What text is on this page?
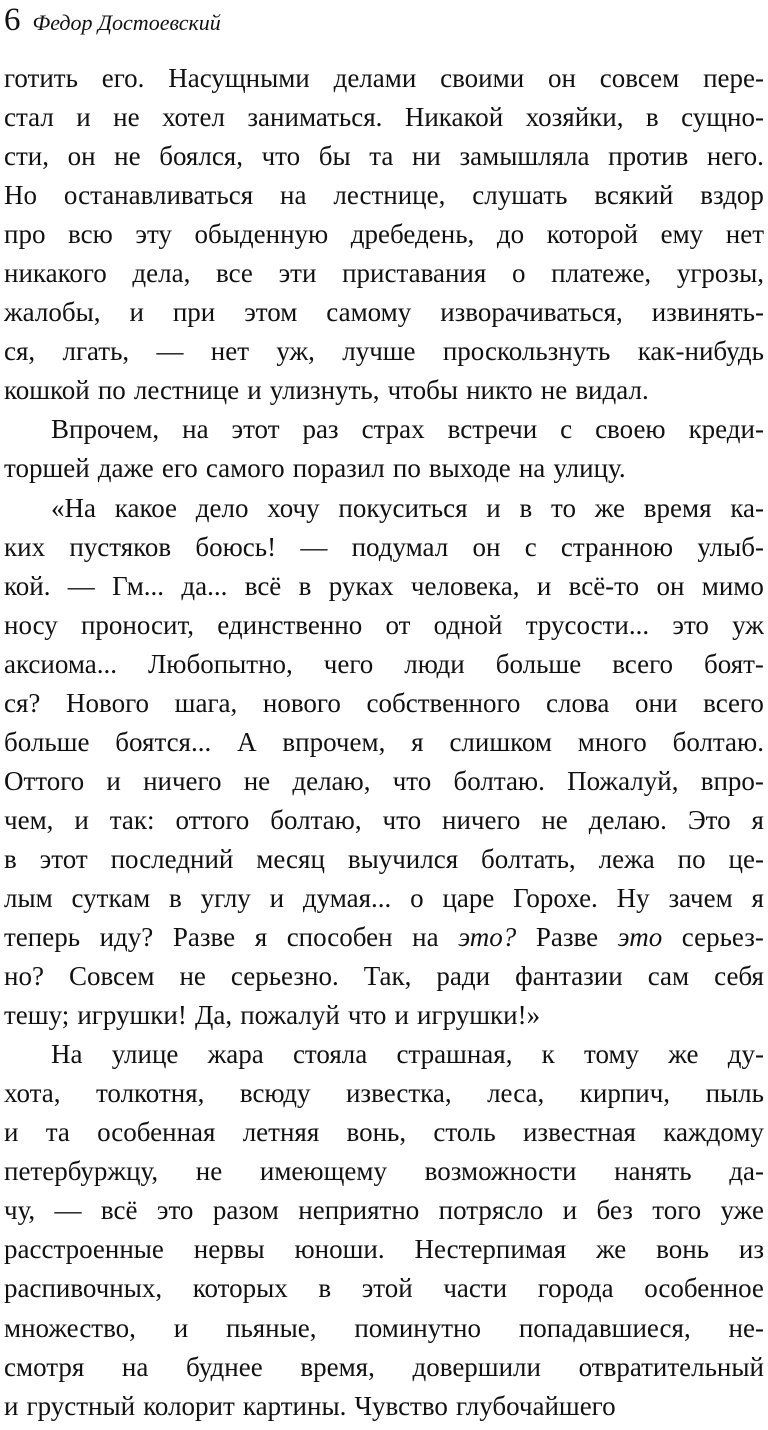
6 Федор Достоевский
готить его. Насущными делами своими он совсем пере-
стал и не хотел заниматься. Никакой хозяйки, в сущно-
сти, он не боялся, что бы та ни замышляла против него.
Но останавливаться на лестнице, слушать всякий вздор
про всю эту обыденную дребедень, до которой ему нет
никакого дела, все эти приставания о платеже, угрозы,
жалобы, и при этом самому изворачиваться, извинять-
ся, лгать, — нет уж, лучше проскользнуть как-нибудь
кошкой по лестнице и улизнуть, чтобы никто не видал.
Впрочем, на этот раз страх встречи с своею креди-
торшей даже его самого поразил по выходе на улицу.
«На какое дело хочу покуситься и в то же время ка-
ких пустяков боюсь! — подумал он с странною улыб-
кой. — Гм... да... всё в руках человека, и всё-то он мимо
носу проносит, единственно от одной трусости... это уж
аксиома... Любопытно, чего люди больше всего боят-
ся? Нового шага, нового собственного слова они всего
больше боятся... А впрочем, я слишком много болтаю.
Оттого и ничего не делаю, что болтаю. Пожалуй, впро-
чем, и так: оттого болтаю, что ничего не делаю. Это я
в этот последний месяц выучился болтать, лежа по це-
лым суткам в углу и думая... о царе Горохе. Ну зачем я
теперь иду? Разве я способен на это? Разве это серьез-
но? Совсем не серьезно. Так, ради фантазии сам себя
тешу; игрушки! Да, пожалуй что и игрушки!»
На улице жара стояла страшная, к тому же ду-
хота, толкотня, всюду известка, леса, кирпич, пыль
и та особенная летняя вонь, столь известная каждому
петербуржцу, не имеющему возможности нанять да-
чу, — всё это разом неприятно потрясло и без того уже
расстроенные нервы юноши. Нестерпимая же вонь из
распивочных, которых в этой части города особенное
множество, и пьяные, поминутно попадавшиеся, не-
смотря на буднее время, довершили отвратительный
и грустный колорит картины. Чувство глубочайшего
